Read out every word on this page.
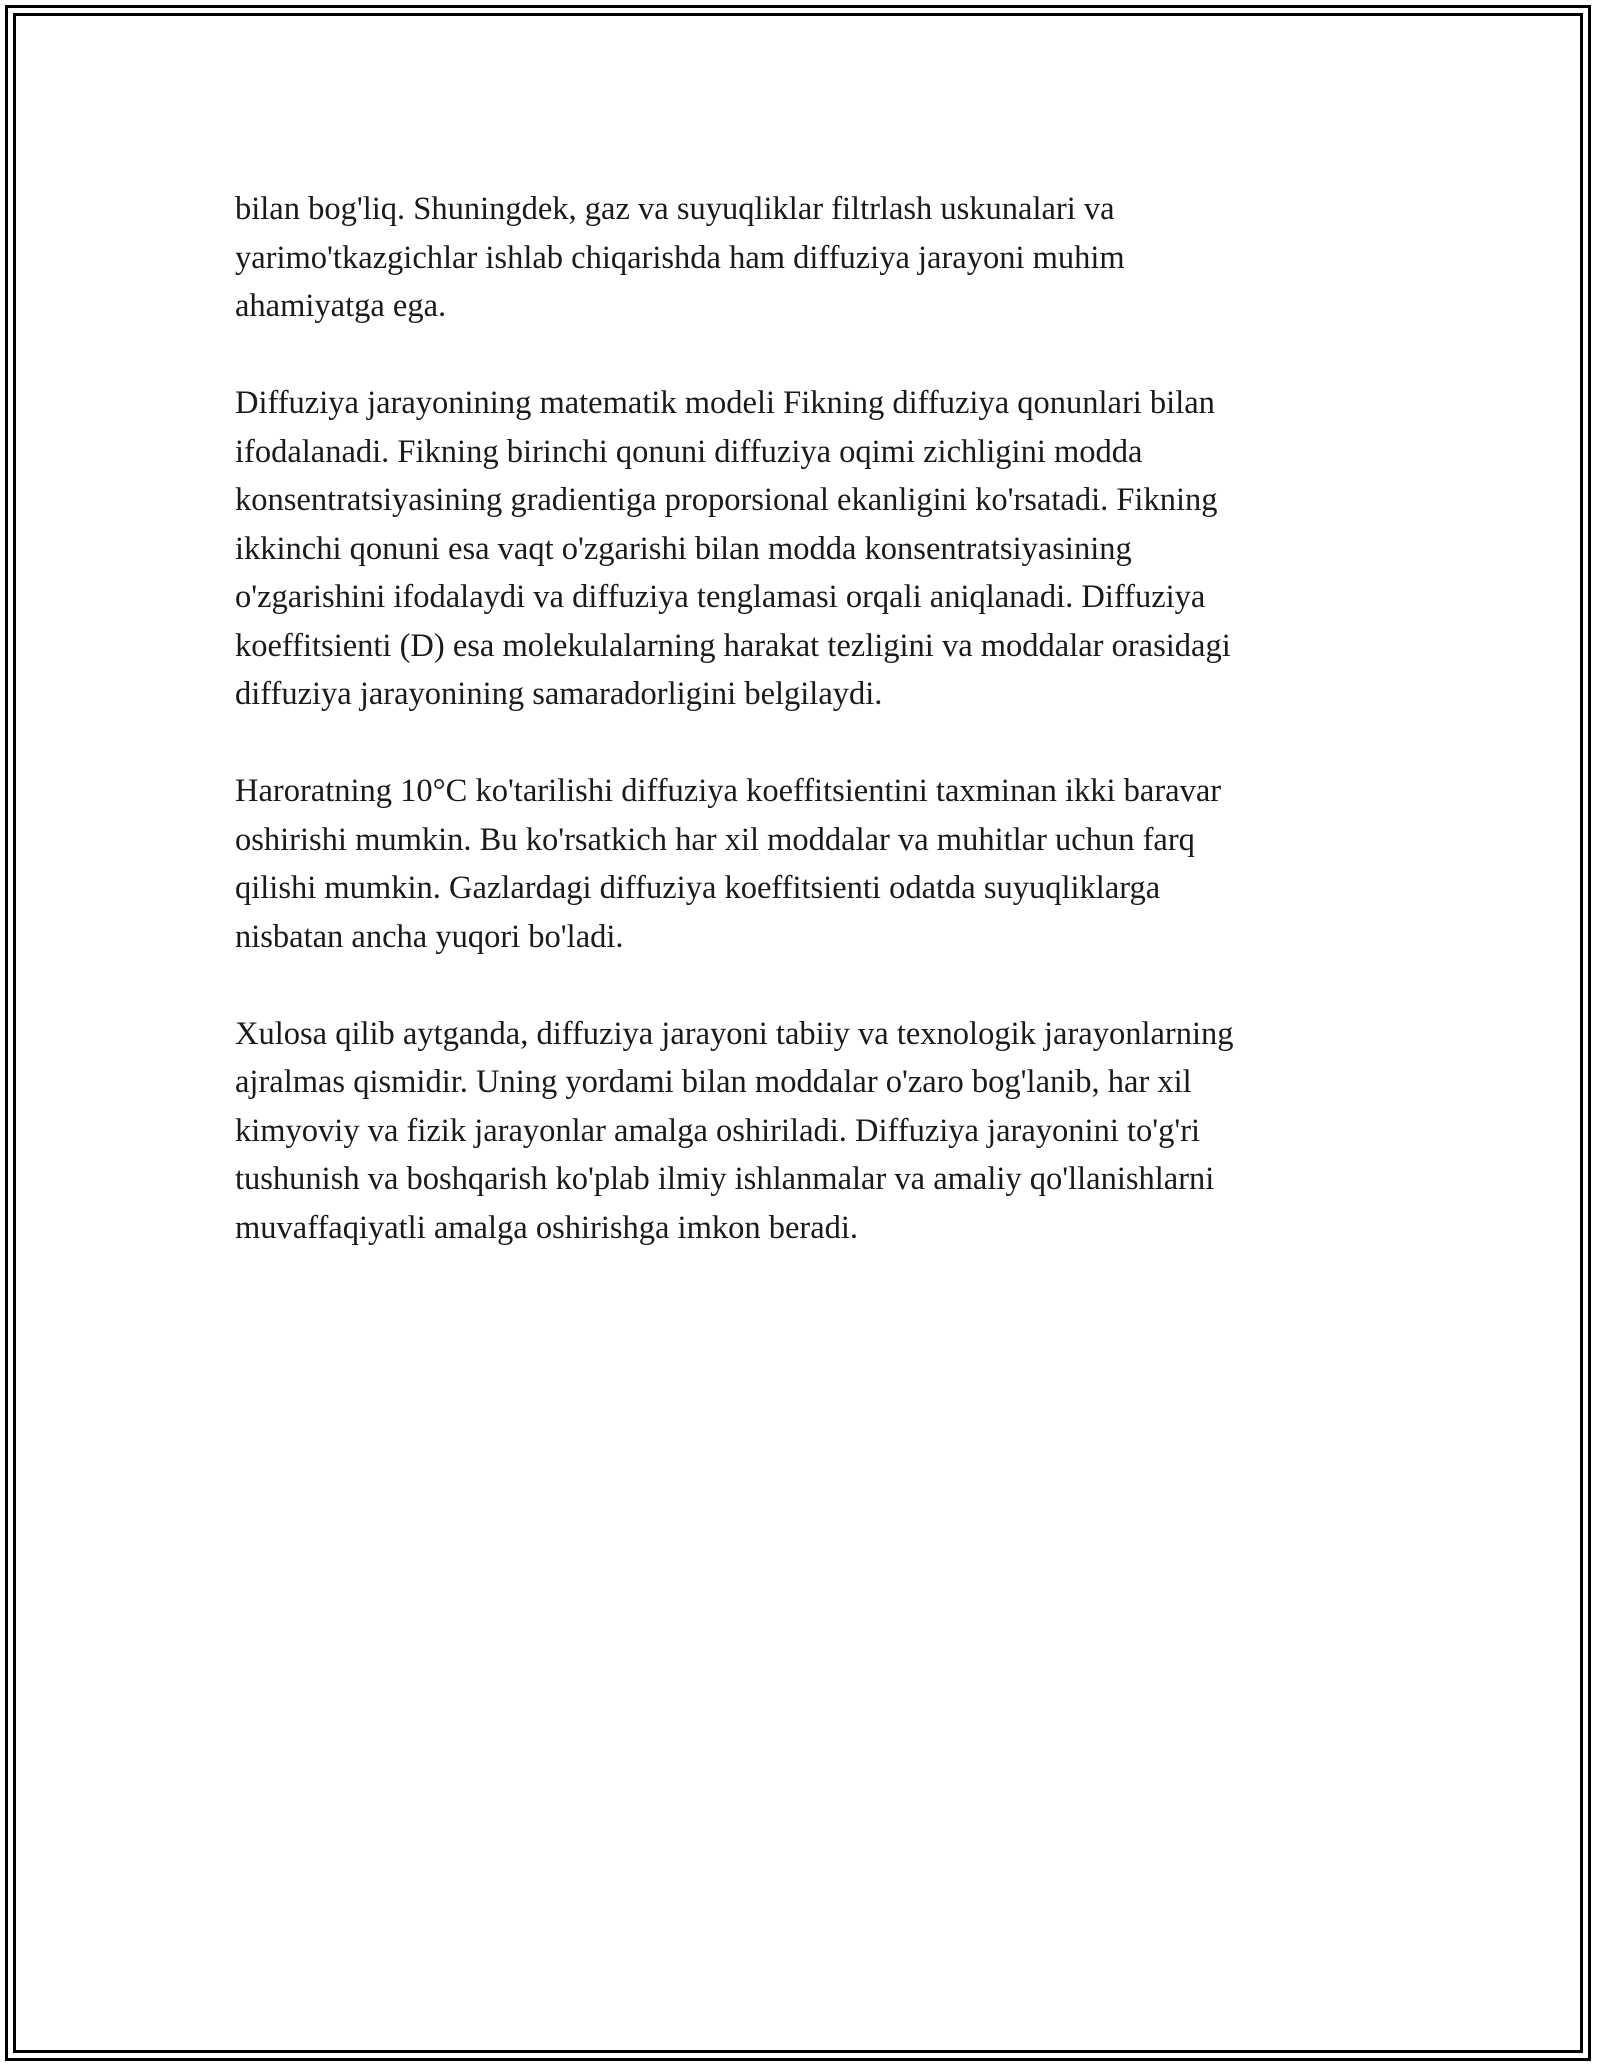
bilan bog'liq. Shuningdek, gaz va suyuqliklar filtrlash uskunalari va
yarimo'tkazgichlar ishlab chiqarishda ham diffuziya jarayoni muhim
ahamiyatga ega.

Diffuziya jarayonining matematik modeli Fikning diffuziya qonunlari bilan
ifodalanadi. Fikning birinchi qonuni diffuziya oqimi zichligini modda
konsentratsiyasining gradientiga proporsional ekanligini ko'rsatadi. Fikning
ikkinchi qonuni esa vaqt o'zgarishi bilan modda konsentratsiyasining
o'zgarishini ifodalaydi va diffuziya tenglamasi orqali aniqlanadi. Diffuziya
koeffitsienti (D) esa molekulalarning harakat tezligini va moddalar orasidagi
diffuziya jarayonining samaradorligini belgilaydi.

Haroratning 10°C ko'tarilishi diffuziya koeffitsientini taxminan ikki baravar
oshirishi mumkin. Bu ko'rsatkich har xil moddalar va muhitlar uchun farq
qilishi mumkin. Gazlardagi diffuziya koeffitsienti odatda suyuqliklarga
nisbatan ancha yuqori bo'ladi.

Xulosa qilib aytganda, diffuziya jarayoni tabiiy va texnologik jarayonlarning
ajralmas qismidir. Uning yordami bilan moddalar o'zaro bog'lanib, har xil
kimyoviy va fizik jarayonlar amalga oshiriladi. Diffuziya jarayonini to'g'ri
tushunish va boshqarish ko'plab ilmiy ishlanmalar va amaliy qo'llanishlarni
muvaffaqiyatli amalga oshirishga imkon beradi.
